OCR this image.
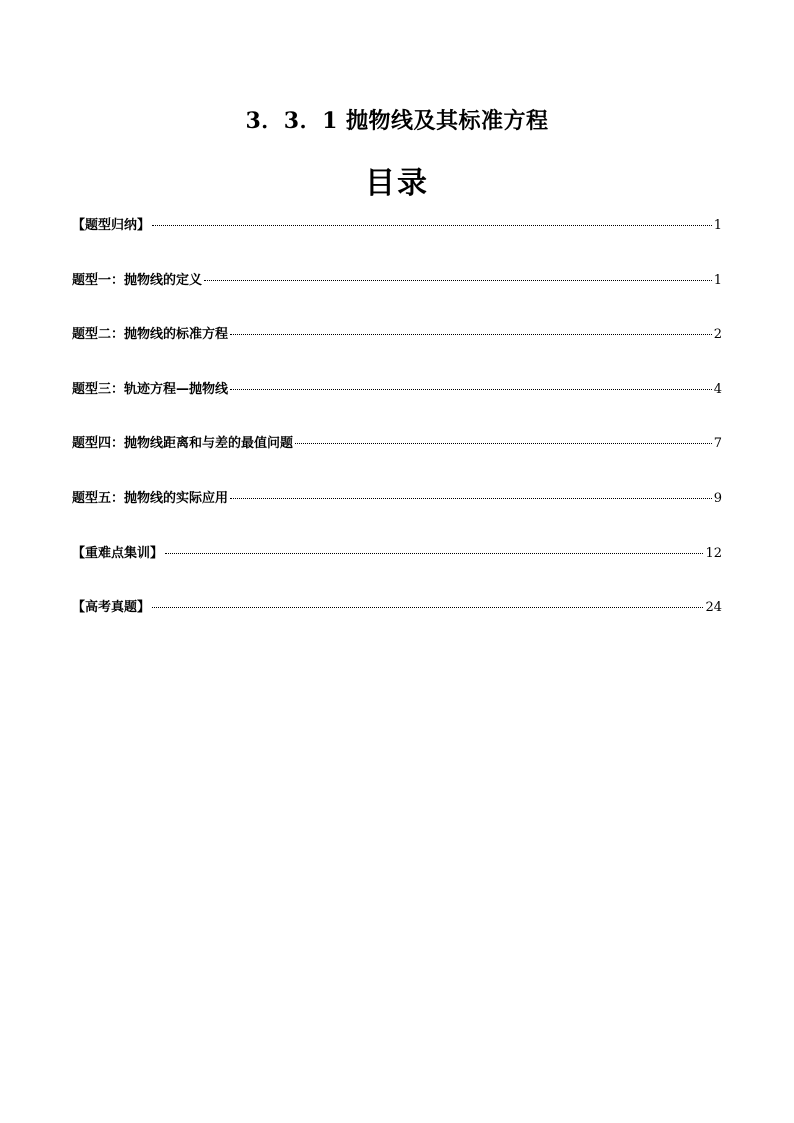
3．3．1 抛物线及其标准方程
目录
【题型归纳】	1
题型一：抛物线的定义	1
题型二：抛物线的标准方程	2
题型三：轨迹方程—抛物线	4
题型四：抛物线距离和与差的最值问题	7
题型五：抛物线的实际应用	9
【重难点集训】	12
【高考真题】	24
